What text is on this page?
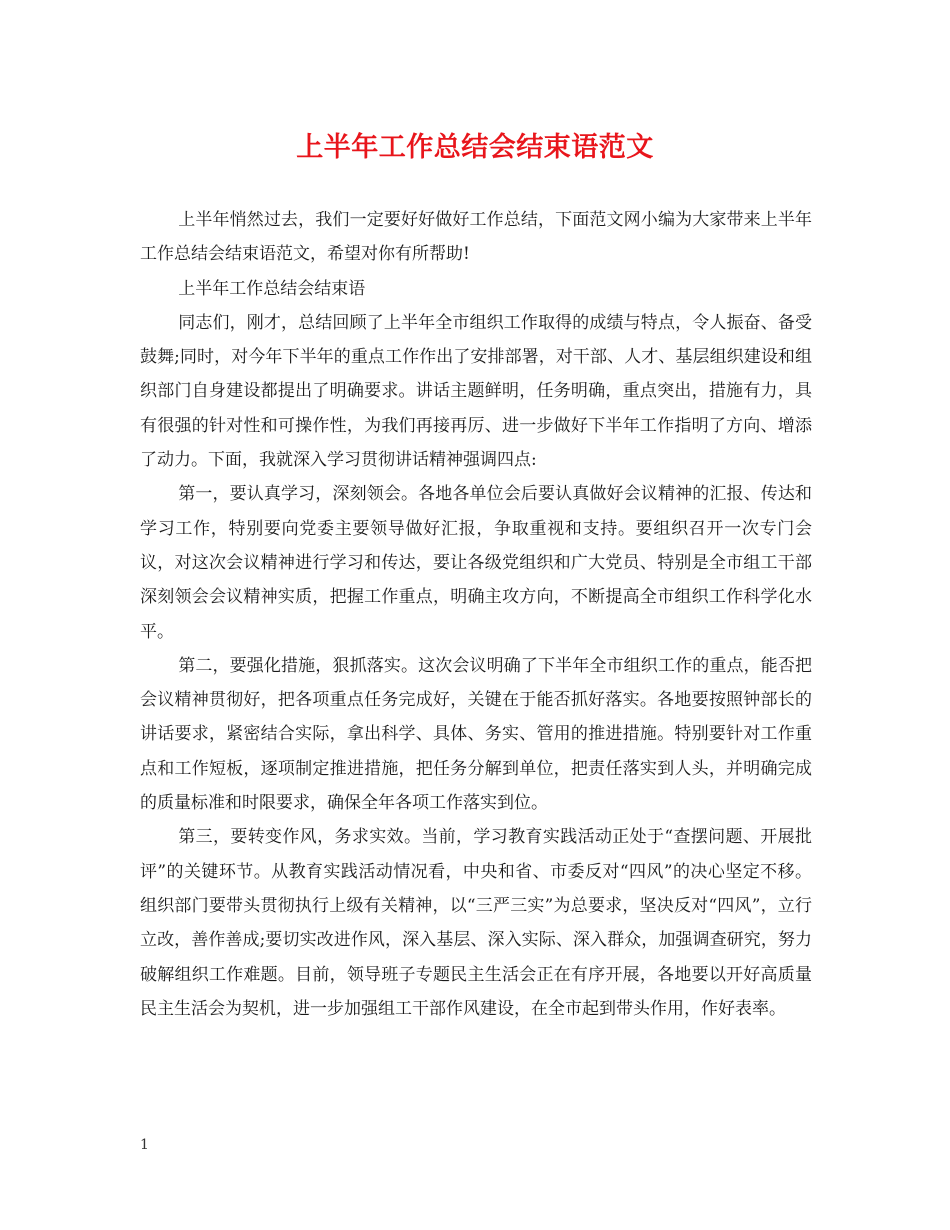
上半年工作总结会结束语范文

上半年悄然过去，我们一定要好好做好工作总结，下面范文网小编为大家带来上半年工作总结会结束语范文，希望对你有所帮助!

上半年工作总结会结束语

同志们，刚才，总结回顾了上半年全市组织工作取得的成绩与特点，令人振奋、备受鼓舞;同时，对今年下半年的重点工作作出了安排部署，对干部、人才、基层组织建设和组织部门自身建设都提出了明确要求。讲话主题鲜明，任务明确，重点突出，措施有力，具有很强的针对性和可操作性，为我们再接再厉、进一步做好下半年工作指明了方向、增添了动力。下面，我就深入学习贯彻讲话精神强调四点:

第一，要认真学习，深刻领会。各地各单位会后要认真做好会议精神的汇报、传达和学习工作，特别要向党委主要领导做好汇报，争取重视和支持。要组织召开一次专门会议，对这次会议精神进行学习和传达，要让各级党组织和广大党员、特别是全市组工干部深刻领会会议精神实质，把握工作重点，明确主攻方向，不断提高全市组织工作科学化水平。

第二，要强化措施，狠抓落实。这次会议明确了下半年全市组织工作的重点，能否把会议精神贯彻好，把各项重点任务完成好，关键在于能否抓好落实。各地要按照钟部长的讲话要求，紧密结合实际，拿出科学、具体、务实、管用的推进措施。特别要针对工作重点和工作短板，逐项制定推进措施，把任务分解到单位，把责任落实到人头，并明确完成的质量标准和时限要求，确保全年各项工作落实到位。

第三，要转变作风，务求实效。当前，学习教育实践活动正处于“查摆问题、开展批评”的关键环节。从教育实践活动情况看，中央和省、市委反对“四风”的决心坚定不移。组织部门要带头贯彻执行上级有关精神，以“三严三实”为总要求，坚决反对“四风”，立行立改，善作善成;要切实改进作风，深入基层、深入实际、深入群众，加强调查研究，努力破解组织工作难题。目前，领导班子专题民主生活会正在有序开展，各地要以开好高质量民主生活会为契机，进一步加强组工干部作风建设，在全市起到带头作用，作好表率。

1
